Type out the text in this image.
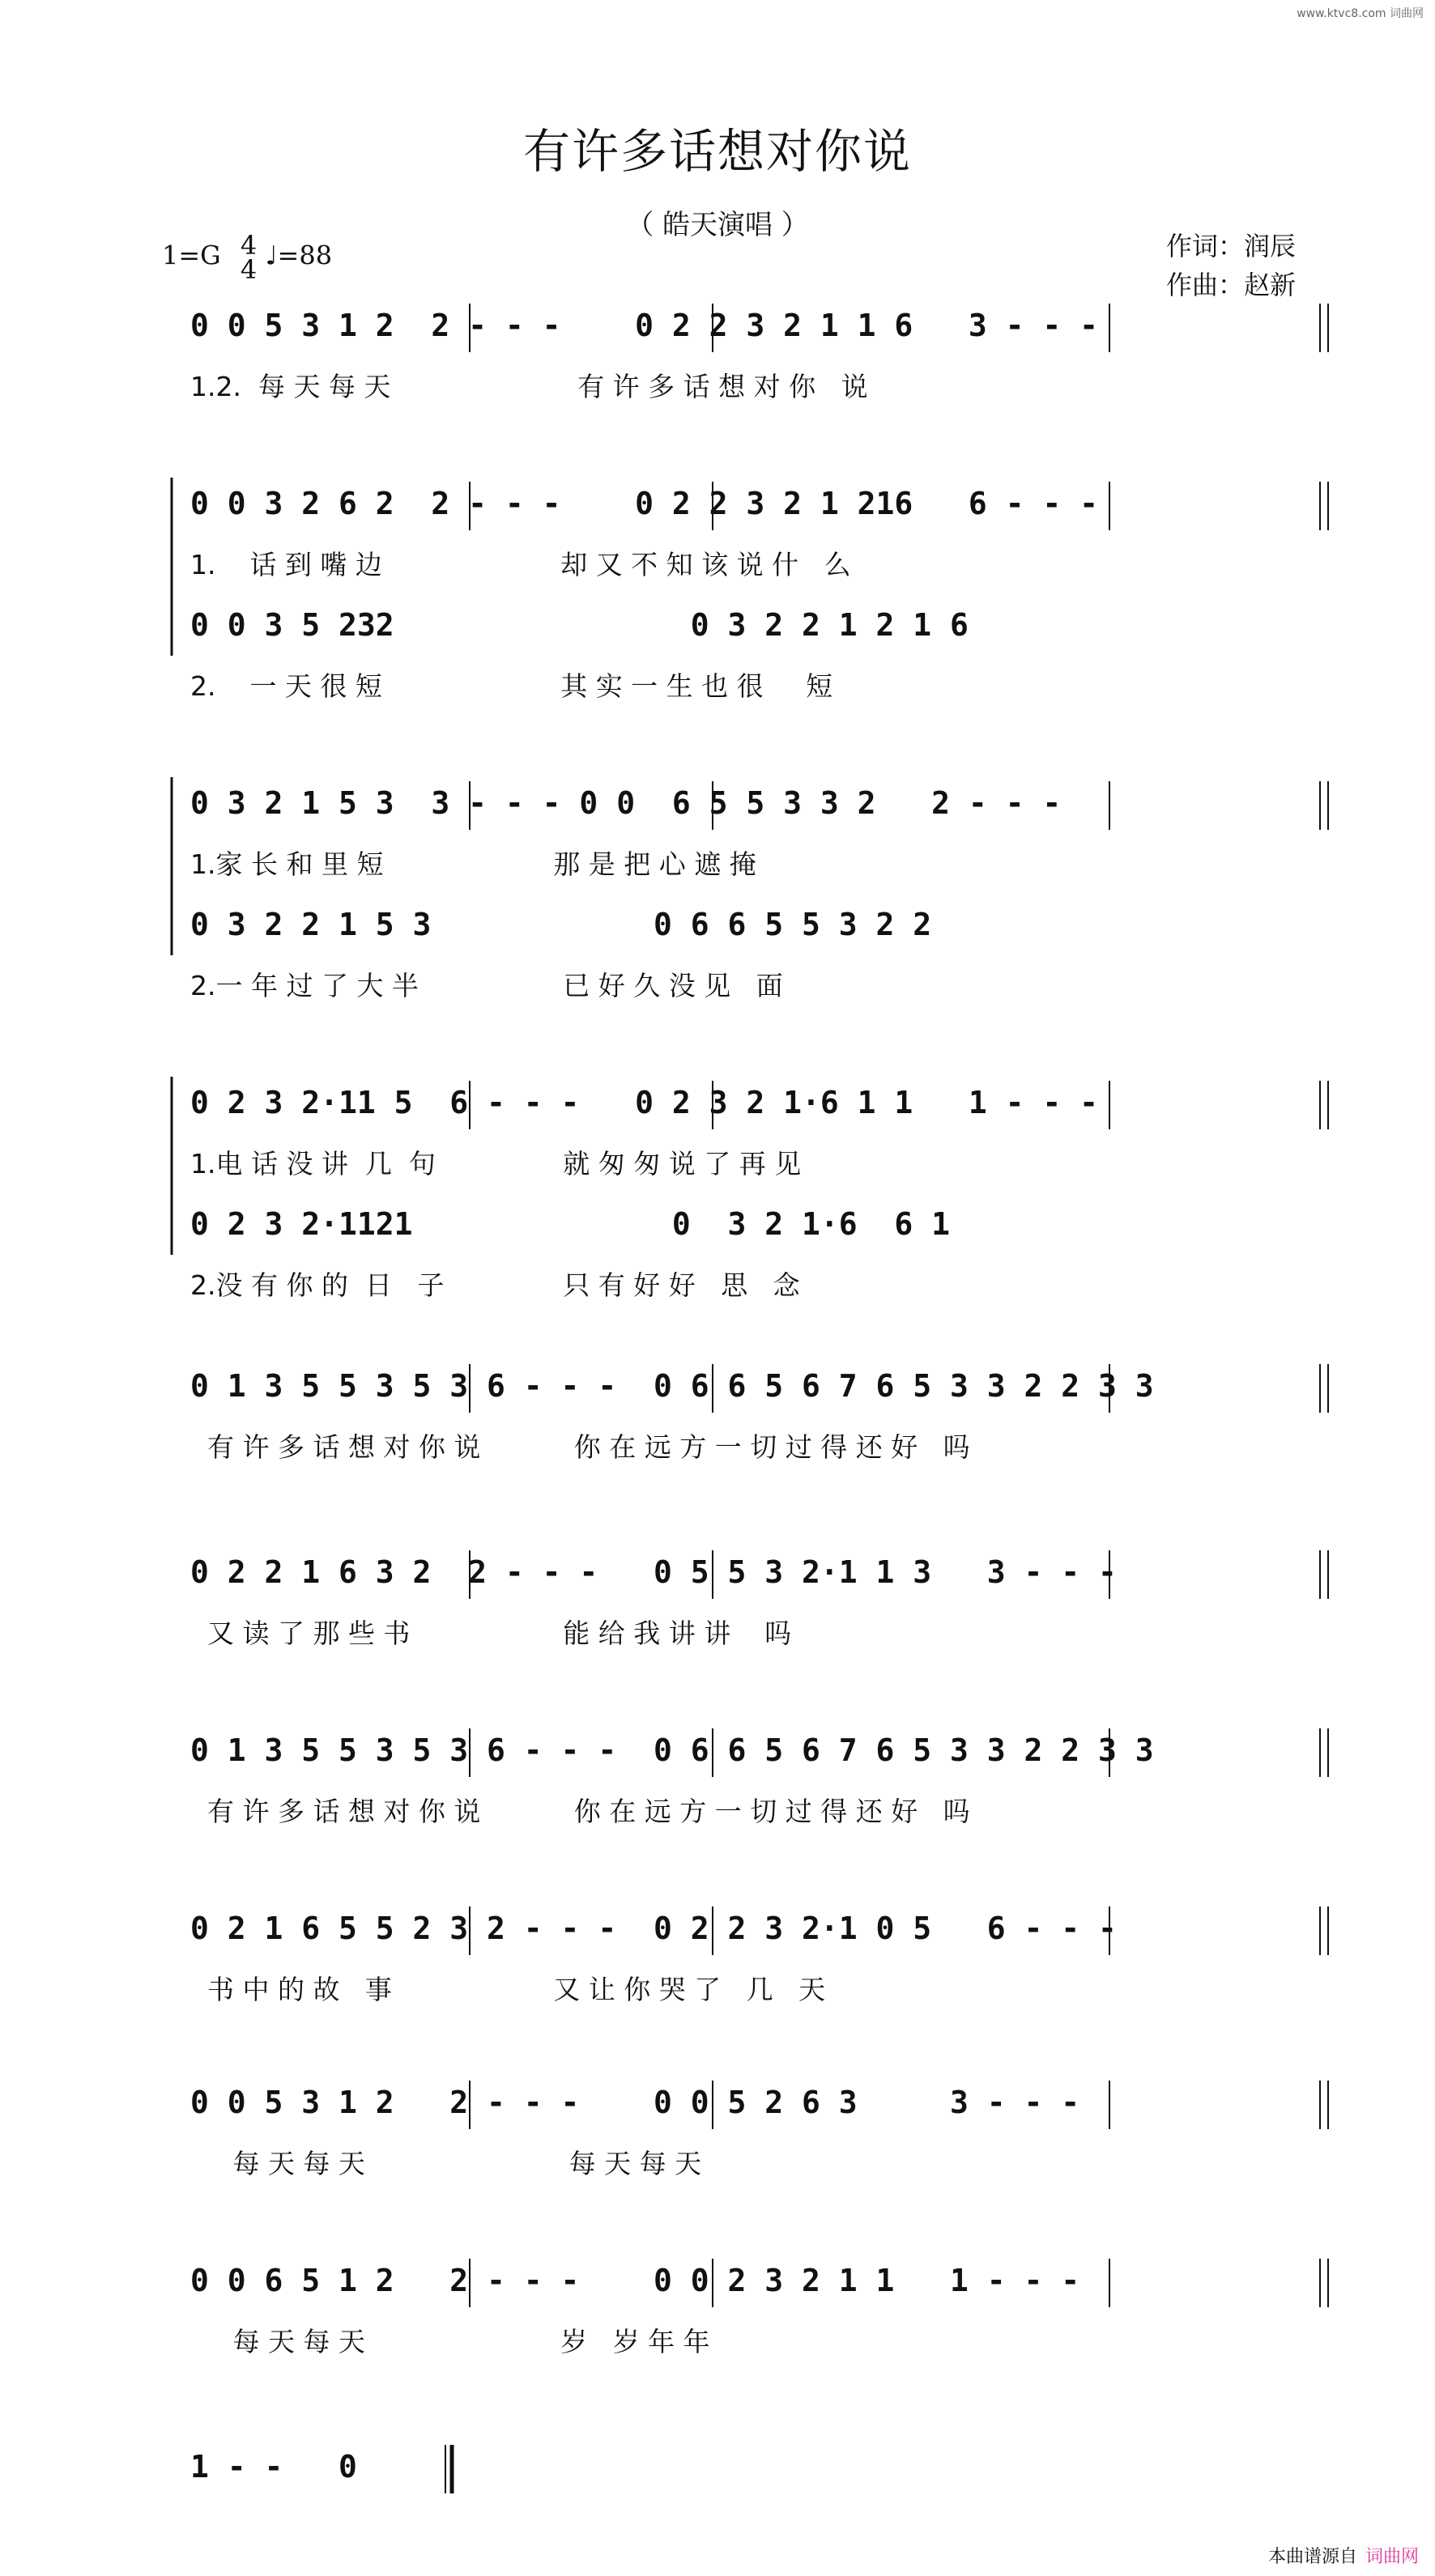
www.ktvc8.com 词曲网
有许多话想对你说
（ 皓天演唱 ）
1=G 4
4 ♩=88	作词：润辰
作曲：赵新
0 0 5 3 1 2  2 - - -    0 2 2 3 2 1 1 6   3 - - -
1.2.  每 天 每 天                      有 许 多 话 想 对 你   说
0 0 3 2 6 2  2 - - -    0 2 2 3 2 1 216   6 - - -
1.    话 到 嘴 边                     却 又 不 知 该 说 什   么
0 0 3 5 232                0 3 2 2 1 2 1 6
2.    一 天 很 短                     其 实 一 生 也 很     短
0 3 2 1 5 3  3 - - - 0 0  6 5 5 3 3 2   2 - - -
1.家 长 和 里 短                    那 是 把 心 遮 掩
0 3 2 2 1 5 3            0 6 6 5 5 3 2 2
2.一 年 过 了 大 半                 已 好 久 没 见   面
0 2 3 2·11 5  6 - - -   0 2 3 2 1·6 1 1   1 - - -
1.电 话 没 讲  几  句               就 匆 匆 说 了 再 见
0 2 3 2·1121              0  3 2 1·6  6 1
2.没 有 你 的  日   子              只 有 好 好   思   念
0 1 3 5 5 3 5 3 6 - - -  0 6 6 5 6 7 6 5 3 3 2 2 3 3
有 许 多 话 想 对 你 说           你 在 远 方 一 切 过 得 还 好   吗
0 2 2 1 6 3 2  2 - - -   0 5 5 3 2·1 1 3   3 - - -
又 读 了 那 些 书                  能 给 我 讲 讲    吗
0 1 3 5 5 3 5 3 6 - - -  0 6 6 5 6 7 6 5 3 3 2 2 3 3
有 许 多 话 想 对 你 说           你 在 远 方 一 切 过 得 还 好   吗
0 2 1 6 5 5 2 3 2 - - -  0 2 2 3 2·1 0 5   6 - - -
书 中 的 故   事                   又 让 你 哭 了   几   天
0 0 5 3 1 2   2 - - -    0 0 5 2 6 3     3 - - -
每 天 每 天                        每 天 每 天
0 0 6 5 1 2   2 - - -    0 0 2 3 2 1 1   1 - - -
每 天 每 天                       岁   岁 年 年
1 - -   0
本曲谱源自 词曲网
